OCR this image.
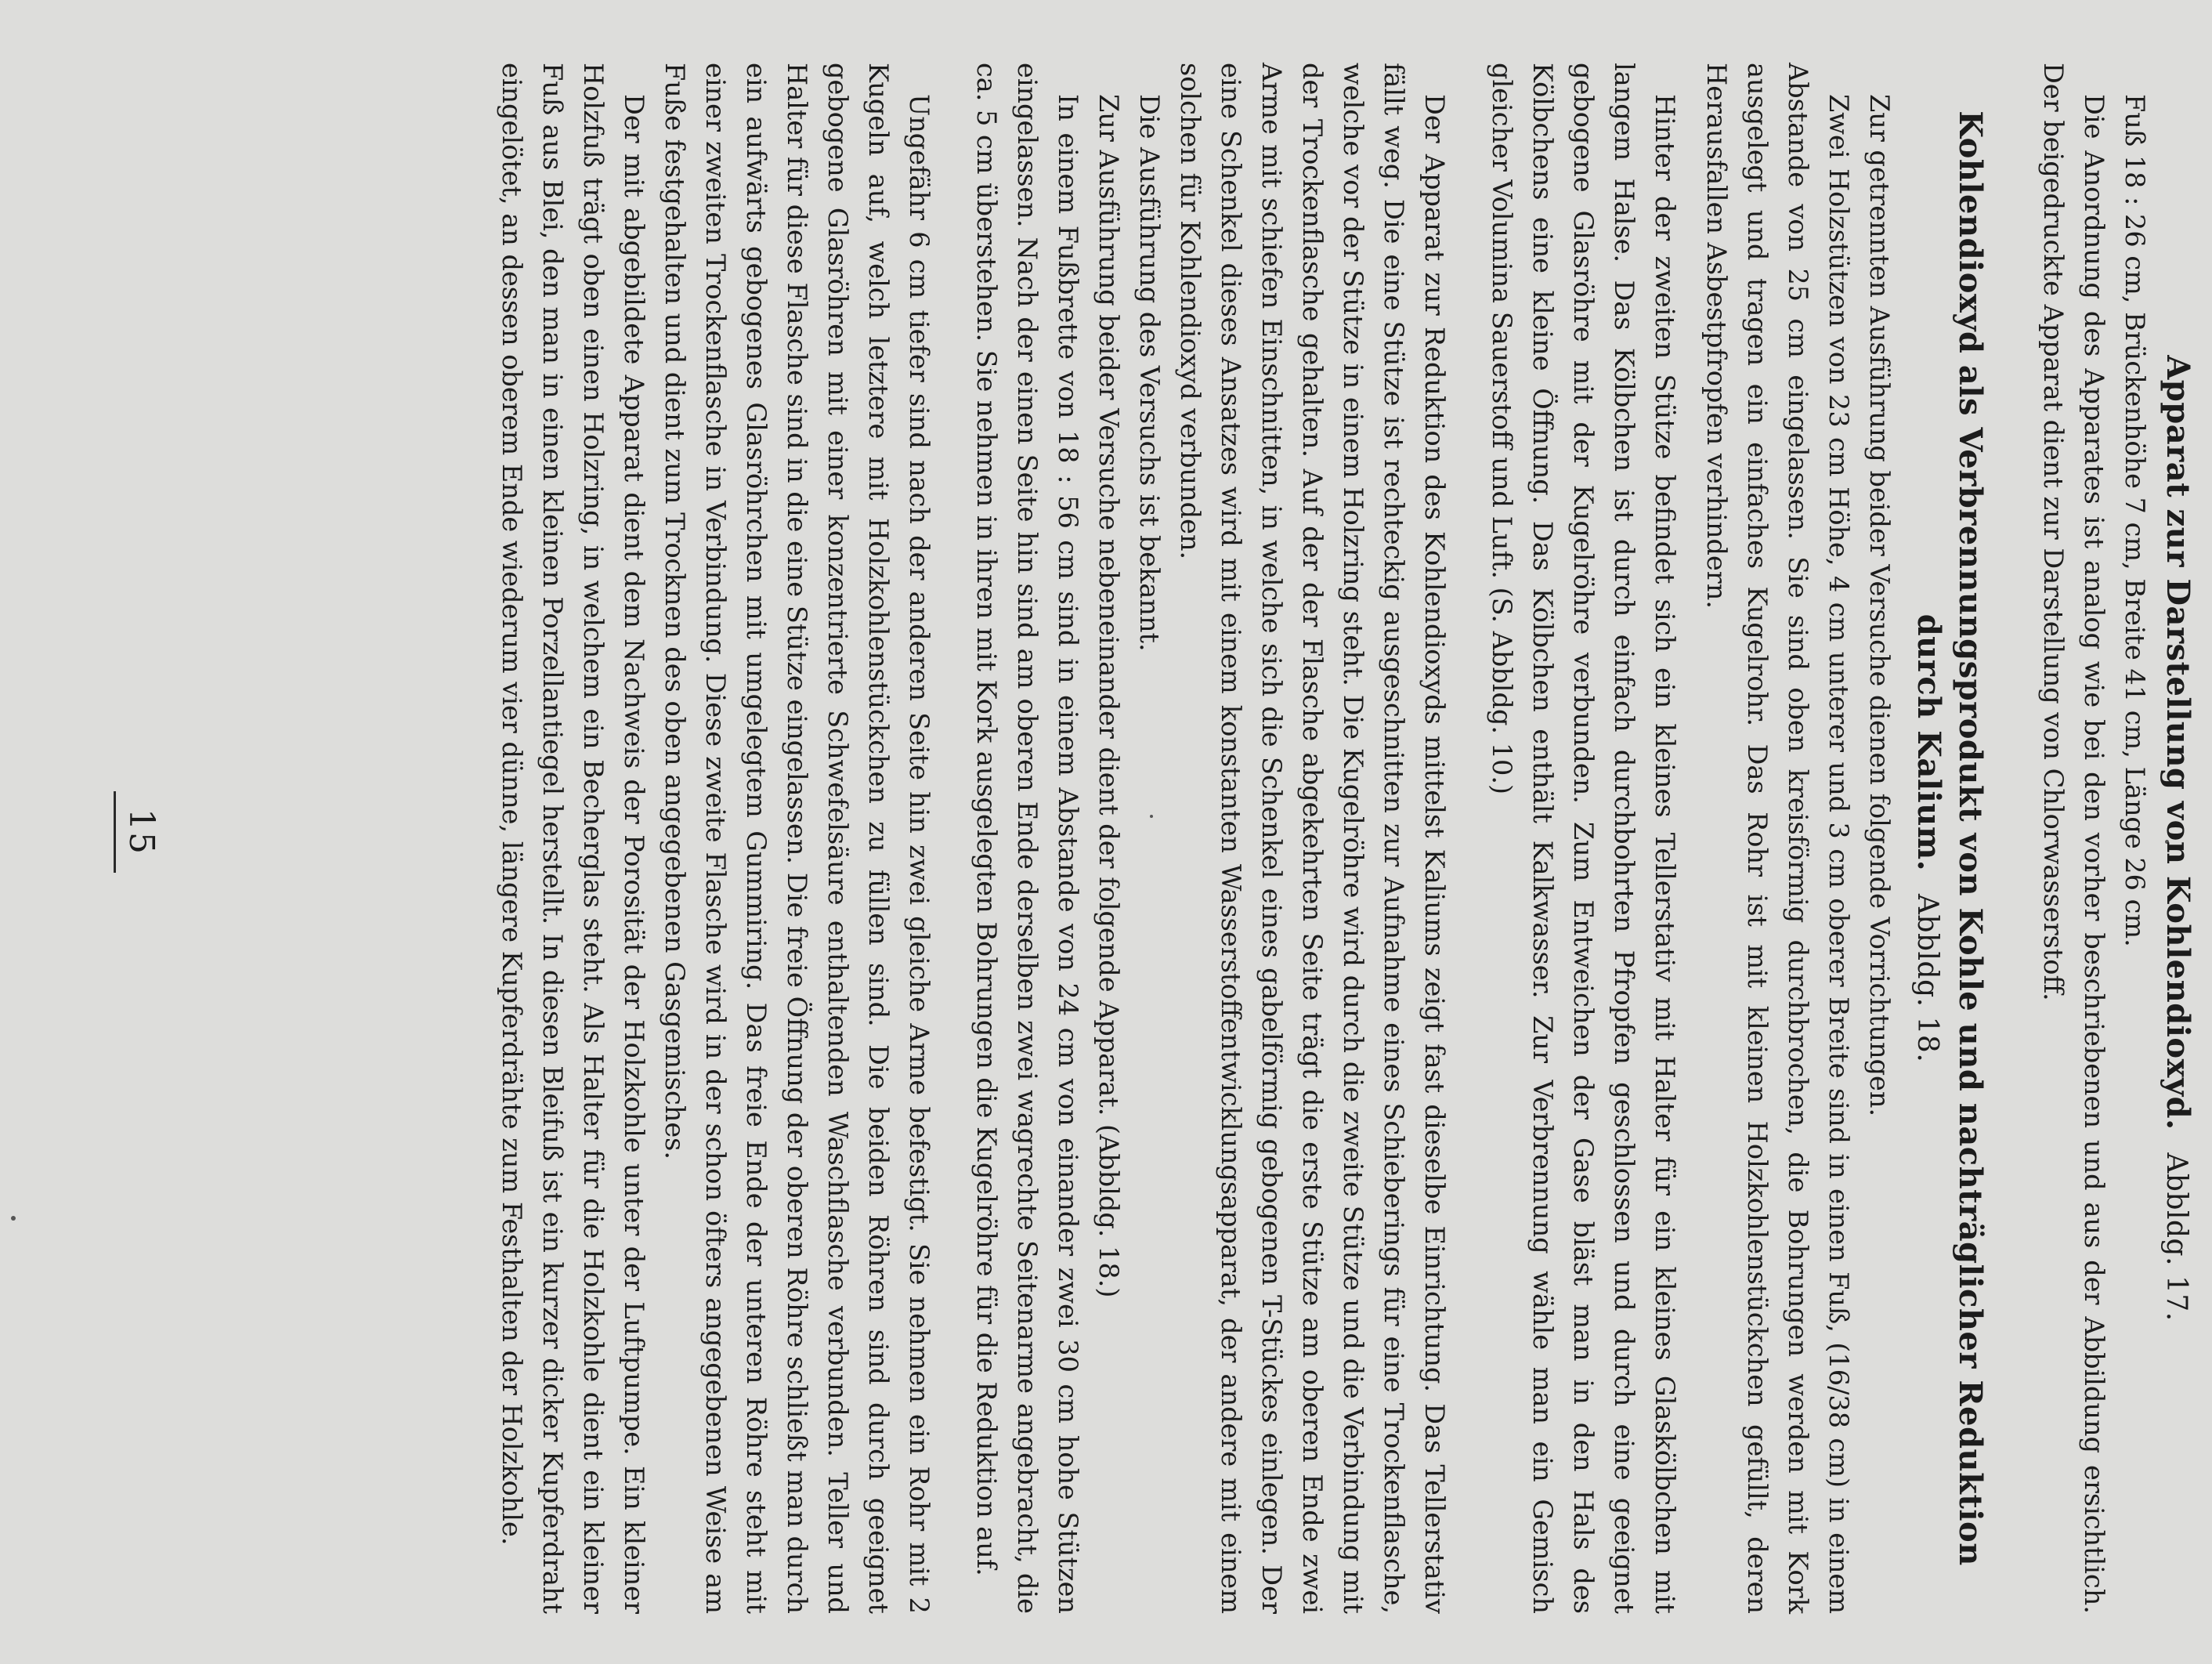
Apparat zur Darstellung von Kohlendioxyd.  Abbldg. 17.

Fuß 18 : 26 cm, Brückenhöhe 7 cm, Breite 41 cm, Länge 26 cm.

Die Anordnung des Apparates ist analog wie bei den vorher beschriebenen und aus der Abbildung ersichtlich. Der beigedruckte Apparat dient zur Darstellung von Chlorwasserstoff.

Kohlendioxyd als Verbrennungsprodukt von Kohle und nachträglicher Reduktion
durch Kalium.  Abbldg. 18.

Zur getrennten Ausführung beider Versuche dienen folgende Vorrichtungen.

Zwei Holzstützen von 23 cm Höhe, 4 cm unterer und 3 cm oberer Breite sind in einen Fuß, (16/38 cm) in einem Abstande von 25 cm eingelassen. Sie sind oben kreisförmig durchbrochen, die Bohrungen werden mit Kork ausgelegt und tragen ein einfaches Kugelrohr. Das Rohr ist mit kleinen Holzkohlenstückchen gefüllt, deren Herausfallen Asbestpfropfen verhindern.

Hinter der zweiten Stütze befindet sich ein kleines Tellerstativ mit Halter für ein kleines Glaskölbchen mit langem Halse. Das Kölbchen ist durch einfach durchbohrten Pfropfen geschlossen und durch eine geeignet gebogene Glasröhre mit der Kugelröhre verbunden. Zum Entweichen der Gase bläst man in den Hals des Kölbchens eine kleine Öffnung. Das Kölbchen enthält Kalkwasser. Zur Verbrennung wähle man ein Gemisch gleicher Volumina Sauerstoff und Luft. (S. Abbldg. 10.)

Der Apparat zur Reduktion des Kohlendioxyds mittelst Kaliums zeigt fast dieselbe Einrichtung. Das Tellerstativ fällt weg. Die eine Stütze ist rechteckig ausgeschnitten zur Aufnahme eines Schieberings für eine Trockenflasche, welche vor der Stütze in einem Holzring steht. Die Kugelröhre wird durch die zweite Stütze und die Verbindung mit der Trockenflasche gehalten. Auf der der Flasche abgekehrten Seite trägt die erste Stütze am oberen Ende zwei Arme mit schiefen Einschnitten, in welche sich die Schenkel eines gabelförmig gebogenen T-Stückes einlegen. Der eine Schenkel dieses Ansatzes wird mit einem konstanten Wasserstoffentwicklungsapparat, der andere mit einem solchen für Kohlendioxyd verbunden.

Die Ausführung des Versuchs ist bekannt.

Zur Ausführung beider Versuche nebeneinander dient der folgende Apparat. (Abbldg. 18.)

In einem Fußbrette von 18 : 56 cm sind in einem Abstande von 24 cm von einander zwei 30 cm hohe Stützen eingelassen. Nach der einen Seite hin sind am oberen Ende derselben zwei wagrechte Seitenarme angebracht, die ca. 5 cm überstehen. Sie nehmen in ihren mit Kork ausgelegten Bohrungen die Kugelröhre für die Reduktion auf.

Ungefähr 6 cm tiefer sind nach der anderen Seite hin zwei gleiche Arme befestigt. Sie nehmen ein Rohr mit 2 Kugeln auf, welch letztere mit Holzkohlenstückchen zu füllen sind. Die beiden Röhren sind durch geeignet gebogene Glasröhren mit einer konzentrierte Schwefelsäure enthaltenden Waschflasche verbunden. Teller und Halter für diese Flasche sind in die eine Stütze eingelassen. Die freie Öffnung der oberen Röhre schließt man durch ein aufwärts gebogenes Glasröhrchen mit umgelegtem Gummiring. Das freie Ende der unteren Röhre steht mit einer zweiten Trockenflasche in Verbindung. Diese zweite Flasche wird in der schon öfters angegebenen Weise am Fuße festgehalten und dient zum Trocknen des oben angegebenen Gasgemisches.

Der mit abgebildete Apparat dient dem Nachweis der Porosität der Holzkohle unter der Luftpumpe. Ein kleiner Holzfuß trägt oben einen Holzring, in welchem ein Becherglas steht. Als Halter für die Holzkohle dient ein kleiner Fuß aus Blei, den man in einen kleinen Porzellantiegel herstellt. In diesen Bleifuß ist ein kurzer dicker Kupferdraht eingelötet, an dessen oberem Ende wiederum vier dünne, längere Kupferdrähte zum Festhalten der Holzkohle.

15
